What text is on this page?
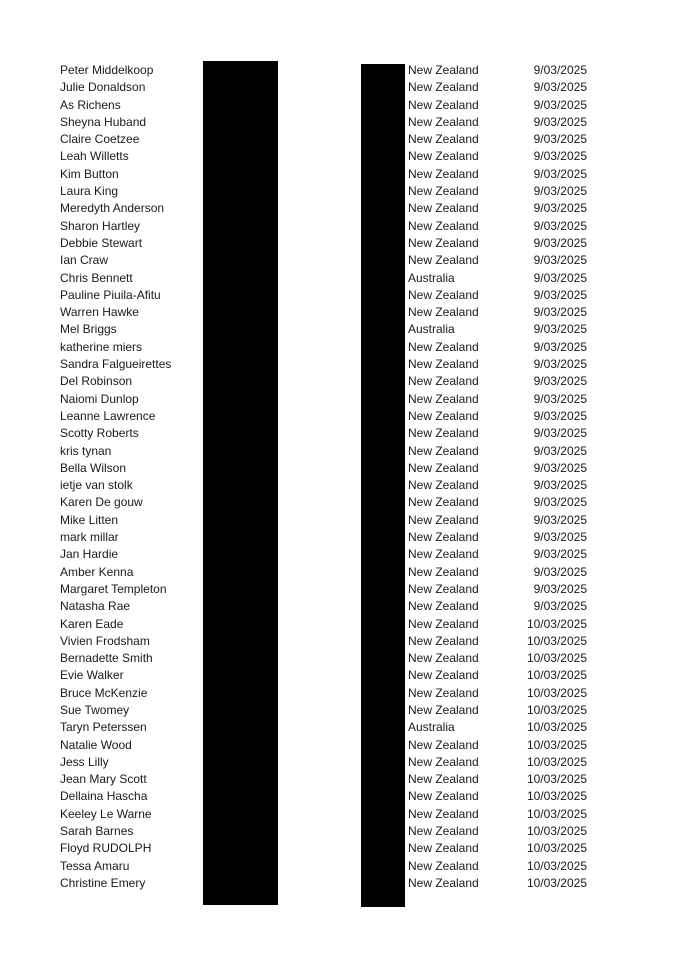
Peter Middelkoop	New Zealand	9/03/2025
Julie Donaldson	New Zealand	9/03/2025
As Richens	New Zealand	9/03/2025
Sheyna Huband	New Zealand	9/03/2025
Claire Coetzee	New Zealand	9/03/2025
Leah Willetts	New Zealand	9/03/2025
Kim Button	New Zealand	9/03/2025
Laura King	New Zealand	9/03/2025
Meredyth Anderson	New Zealand	9/03/2025
Sharon Hartley	New Zealand	9/03/2025
Debbie Stewart	New Zealand	9/03/2025
Ian Craw	New Zealand	9/03/2025
Chris Bennett	Australia	9/03/2025
Pauline Piuila-Afitu	New Zealand	9/03/2025
Warren Hawke	New Zealand	9/03/2025
Mel Briggs	Australia	9/03/2025
katherine miers	New Zealand	9/03/2025
Sandra Falgueirettes	New Zealand	9/03/2025
Del Robinson	New Zealand	9/03/2025
Naiomi Dunlop	New Zealand	9/03/2025
Leanne Lawrence	New Zealand	9/03/2025
Scotty Roberts	New Zealand	9/03/2025
kris tynan	New Zealand	9/03/2025
Bella Wilson	New Zealand	9/03/2025
ietje van stolk	New Zealand	9/03/2025
Karen De gouw	New Zealand	9/03/2025
Mike Litten	New Zealand	9/03/2025
mark millar	New Zealand	9/03/2025
Jan Hardie	New Zealand	9/03/2025
Amber Kenna	New Zealand	9/03/2025
Margaret Templeton	New Zealand	9/03/2025
Natasha Rae	New Zealand	9/03/2025
Karen Eade	New Zealand	10/03/2025
Vivien Frodsham	New Zealand	10/03/2025
Bernadette Smith	New Zealand	10/03/2025
Evie Walker	New Zealand	10/03/2025
Bruce McKenzie	New Zealand	10/03/2025
Sue Twomey	New Zealand	10/03/2025
Taryn Peterssen	Australia	10/03/2025
Natalie Wood	New Zealand	10/03/2025
Jess Lilly	New Zealand	10/03/2025
Jean Mary Scott	New Zealand	10/03/2025
Dellaina Hascha	New Zealand	10/03/2025
Keeley Le Warne	New Zealand	10/03/2025
Sarah Barnes	New Zealand	10/03/2025
Floyd RUDOLPH	New Zealand	10/03/2025
Tessa Amaru	New Zealand	10/03/2025
Christine Emery	New Zealand	10/03/2025
